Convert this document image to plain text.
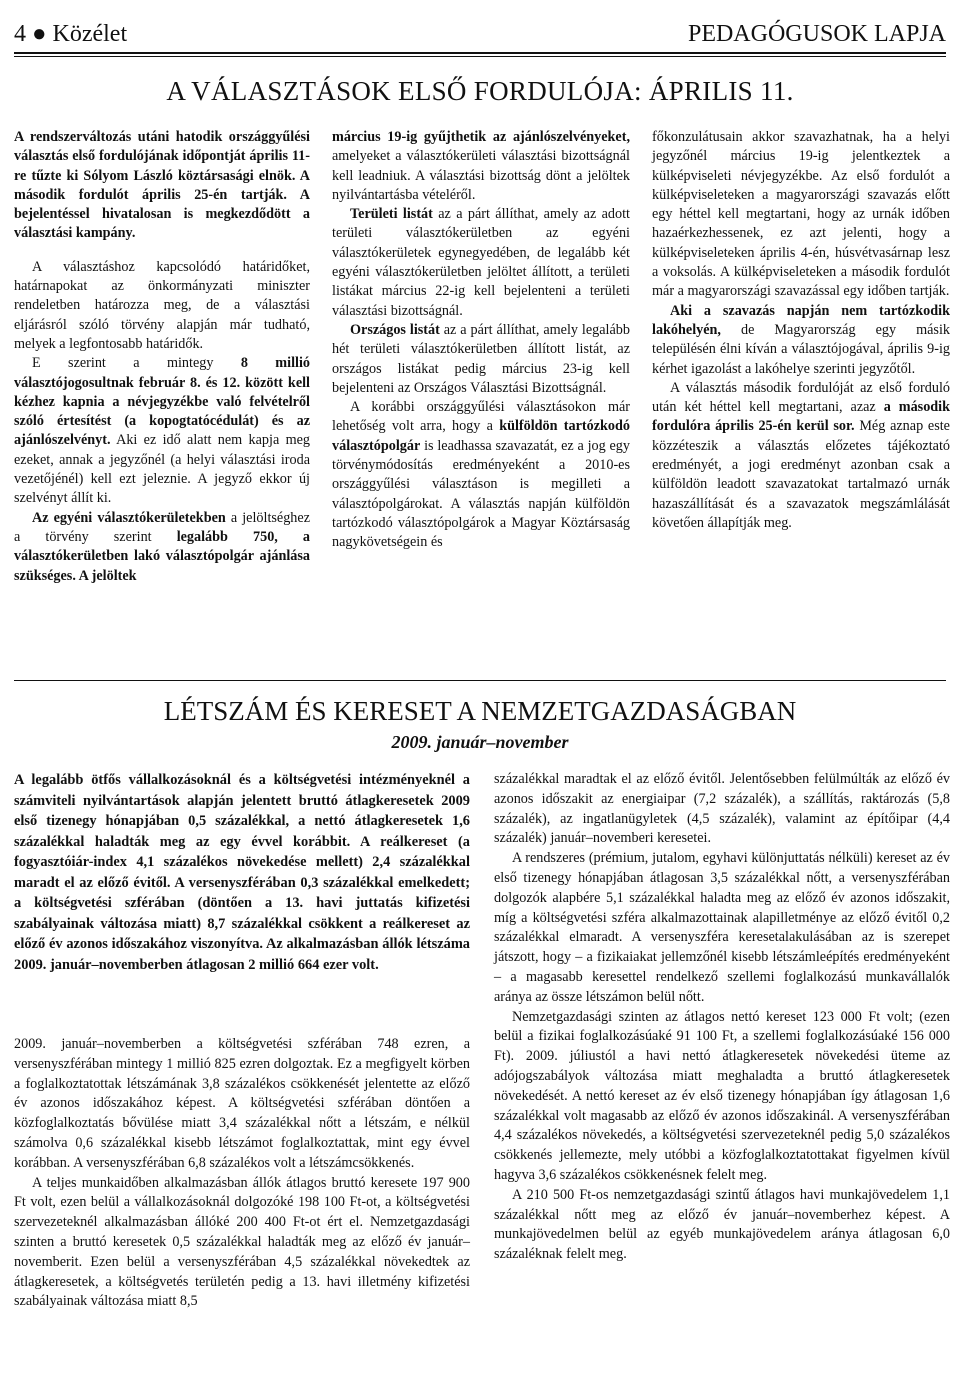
4 ● Közélet	PEDAGÓGUSOK LAPJA
A VÁLASZTÁSOK ELSŐ FORDULÓJA: ÁPRILIS 11.

A rendszerváltozás utáni hatodik országgyűlési választás első fordulójának időpontját április 11-re tűzte ki Sólyom László köztársasági elnök. A második fordulót április 25-én tartják. A bejelentéssel hivatalosan is megkezdődött a választási kampány.

A választáshoz kapcsolódó határidőket, határnapokat az önkormányzati miniszter rendeletben határozza meg, de a választási eljárásról szóló törvény alapján már tudható, melyek a legfontosabb határidők.

E szerint a mintegy 8 millió választójogosultnak február 8. és 12. között kell kézhez kapnia a névjegyzékbe való felvételről szóló értesítést (a kopogtatócédulát) és az ajánlószelvényt. Aki ez idő alatt nem kapja meg ezeket, annak a jegyzőnél (a helyi választási iroda vezetőjénél) kell ezt jeleznie. A jegyző ekkor új szelvényt állít ki.

Az egyéni választókerületekben a jelöltséghez a törvény szerint legalább 750, a választókerületben lakó választópolgár ajánlása szükséges. A jelöltek

március 19-ig gyűjthetik az ajánlószelvényeket, amelyeket a választókerületi választási bizottságnál kell leadniuk. A választási bizottság dönt a jelöltek nyilvántartásba vételéről.

Területi listát az a párt állíthat, amely az adott területi választókerületben az egyéni választókerületek egynegyedében, de legalább két egyéni választókerületben jelöltet állított, a területi listákat március 22-ig kell bejelenteni a területi választási bizottságnál.

Országos listát az a párt állíthat, amely legalább hét területi választókerületben állított listát, az országos listákat pedig március 23-ig kell bejelenteni az Országos Választási Bizottságnál.

A korábbi országgyűlési választásokon már lehetőség volt arra, hogy a külföldön tartózkodó választópolgár is leadhassa szavazatát, ez a jog egy törvénymódosítás eredményeként a 2010-es országgyűlési választáson is megilleti a választópolgárokat. A választás napján külföldön tartózkodó választópolgárok a Magyar Köztársaság nagykövetségein és

főkonzulátusain akkor szavazhatnak, ha a helyi jegyzőnél március 19-ig jelentkeztek a külképviseleti névjegyzékbe. Az első fordulót a külképviseleteken a magyarországi szavazás előtt egy héttel kell megtartani, hogy az urnák időben hazaérkezhessenek, ez azt jelenti, hogy a külképviseleteken április 4-én, húsvétvasárnap lesz a voksolás. A külképviseleteken a második fordulót már a magyarországi szavazással egy időben tartják.

Aki a szavazás napján nem tartózkodik lakóhelyén, de Magyarország egy másik településén élni kíván a választójogával, április 9-ig kérhet igazolást a lakóhelye szerinti jegyzőtől.

A választás második fordulóját az első forduló után két héttel kell megtartani, azaz a második fordulóra április 25-én kerül sor. Még aznap este közzéteszik a választás előzetes tájékoztató eredményét, a jogi eredményt azonban csak a külföldön leadott szavazatokat tartalmazó urnák hazaszállítását és a szavazatok megszámlálását követően állapítják meg.

LÉTSZÁM ÉS KERESET A NEMZETGAZDASÁGBAN
2009. január–november
A legalább ötfős vállalkozásoknál és a költségvetési intézményeknél a számviteli nyilvántartások alapján jelentett bruttó átlagkeresetek 2009 első tizenegy hónapjában 0,5 százalékkal, a nettó átlagkeresetek 1,6 százalékkal haladták meg az egy évvel korábbit. A reálkereset (a fogyasztóiár-index 4,1 százalékos növekedése mellett) 2,4 százalékkal maradt el az előző évitől. A versenyszférában 0,3 százalékkal emelkedett; a költségvetési szférában (döntően a 13. havi juttatás kifizetési szabályainak változása miatt) 8,7 százalékkal csökkent a reálkereset az előző év azonos időszakához viszonyítva. Az alkalmazásban állók létszáma 2009. január–novemberben átlagosan 2 millió 664 ezer volt.

2009. január–novemberben a költségvetési szférában 748 ezren, a versenyszférában mintegy 1 millió 825 ezren dolgoztak. Ez a megfigyelt körben a foglalkoztatottak létszámának 3,8 százalékos csökkenését jelentette az előző év azonos időszakához képest. A költségvetési szférában döntően a közfoglalkoztatás bővülése miatt 3,4 százalékkal nőtt a létszám, e nélkül számolva 0,6 százalékkal kisebb létszámot foglalkoztattak, mint egy évvel korábban. A versenyszférában 6,8 százalékos volt a létszámcsökkenés.

A teljes munkaidőben alkalmazásban állók átlagos bruttó keresete 197 900 Ft volt, ezen belül a vállalkozásoknál dolgozóké 198 100 Ft-ot, a költségvetési szervezeteknél alkalmazásban állóké 200 400 Ft-ot ért el. Nemzetgazdasági szinten a bruttó keresetek 0,5 százalékkal haladták meg az előző év január–novemberit. Ezen belül a versenyszférában 4,5 százalékkal növekedtek az átlagkeresetek, a költségvetés területén pedig a 13. havi illetmény kifizetési szabályainak változása miatt 8,5

százalékkal maradtak el az előző évitől. Jelentősebben felülmúlták az előző év azonos időszakit az energiaipar (7,2 százalék), a szállítás, raktározás (5,8 százalék), az ingatlanügyletek (4,5 százalék), valamint az építőipar (4,4 százalék) január–novemberi keresetei.

A rendszeres (prémium, jutalom, egyhavi különjuttatás nélküli) kereset az év első tizenegy hónapjában átlagosan 3,5 százalékkal nőtt, a versenyszférában dolgozók alapbére 5,1 százalékkal haladta meg az előző év azonos időszakit, míg a költségvetési szféra alkalmazottainak alapilletménye az előző évitől 0,2 százalékkal elmaradt. A versenyszféra keresetalakulásában az is szerepet játszott, hogy – a fizikaiakat jellemzőnél kisebb létszámleépítés eredményeként – a magasabb keresettel rendelkező szellemi foglalkozású munkavállalók aránya az össze létszámon belül nőtt.

Nemzetgazdasági szinten az átlagos nettó kereset 123 000 Ft volt; (ezen belül a fizikai foglalkozásúaké 91 100 Ft, a szellemi foglalkozásúaké 156 000 Ft). 2009. júliustól a havi nettó átlagkeresetek növekedési üteme az adójogszabályok változása miatt meghaladta a bruttó átlagkeresetek növekedését. A nettó kereset az év első tizenegy hónapjában így átlagosan 1,6 százalékkal volt magasabb az előző év azonos időszakinál. A versenyszférában 4,4 százalékos növekedés, a költségvetési szervezeteknél pedig 5,0 százalékos csökkenés jellemezte, mely utóbbi a közfoglalkoztatottakat figyelmen kívül hagyva 3,6 százalékos csökkenésnek felelt meg.

A 210 500 Ft-os nemzetgazdasági szintű átlagos havi munkajövedelem 1,1 százalékkal nőtt meg az előző év január–novemberhez képest. A munkajövedelmen belül az egyéb munkajövedelem aránya átlagosan 6,0 százaléknak felelt meg.
